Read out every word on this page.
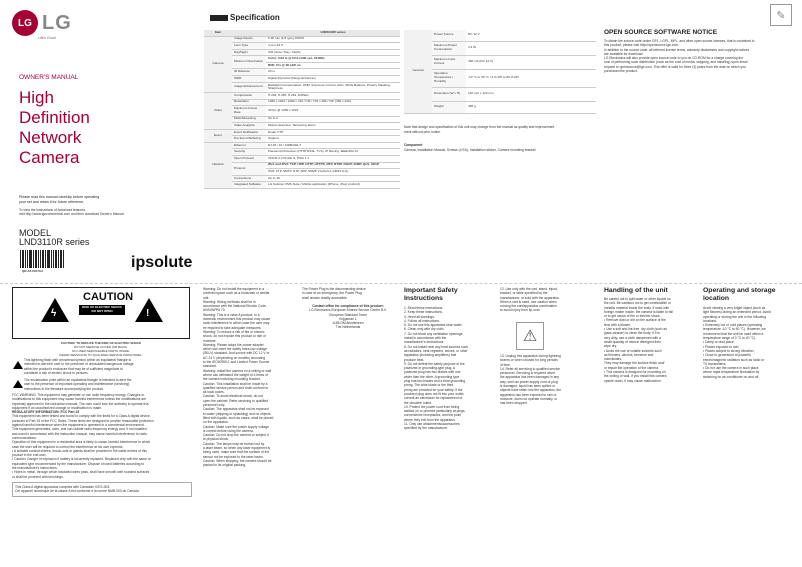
LG LG
Life's Good
OWNER'S MANUAL
High
Definition
Network
Camera
Please read this manual carefully before operating
your set and retain it for future reference.
To view the instructions of Advanced features,
visit http://www.lgecommercial.com and then download Owner's Manual.
MODEL
LND3110R series
QR-A5-06171H	ipsolute
Specification
Item		LND3110R series
Camera	Image Device	6.28 mm (1/3 type) CMOS
	Lens Type	4 mm F2.0
	Day/Night	ICR (Auto / Day / Night)
	Minimum Illumination	Color: 0.03 lx @ F2.0 (1/30 sec, 50 IRE)
		B/W: 0 lx @ IR LED on
	IR Distance	20 m
	WDR	Digital (Dynamic Range Enhancer)
	Image Enhancement	Backlight Compensation, DNR, Exposure Control, AGC, White Balance, Privacy Masking, Sharpness
Video	Compression	H.264, H.265, H.264, MJPEG
	Resolution	1280 x 1024 / 1280 x 720 / CIF / 704 x 480 / CIF (352 x 240)
	Maximum Frame Rate	30 fps @ 1280 x 1024
	Multi-Streaming	Up to 2
	Video Analytics	Motion detection, Tampering alarm
Event	Event Notification	Email, FTP
	Pre Event Buffering	Support
Network	Ethernet	RJ-45 / 10 / 100BASE-T
	Security	Password Protection (HTTPS/SSL, TLS), IP filtering, IEEE 802.1X
	Open Protocol	ONVIF 2.2 Profile S, PSIA 1.1
	Protocol	IPv4 and IPv6: TCP, UDP, HTTP, HTTPS, RTP, RTSP, DHCP, IGMP, QoS, UPnP
		IPv6: FTP, SMTP, NTP, ARP, SNMP v1/v2c/v3, DDNS (LG)
	Connections	Up to 10
	Integrated Software	LG Solution VMS Suite / Mobile application (iPhone, iPad, Android)
General	Power Source	DC 12 V
	Maximum Power Consumption	3.4 W
	Maximum Input Current	450 mA (DC 12 V)
	Operation Temperature / Humidity	-10 °C to 50 °C / 0 % RH to 80 % RH
	Dimension (W x H)	140 mm x 122 mm
	Weight	466 g
Note that design and specification of this unit may change from the manual as quality and improvement
ment without prior notice.
Component
Camera, Installation Manual, Screws (4 EA), Installation sticker, Camera mounting bracket
✎
OPEN SOURCE SOFTWARE NOTICE
To obtain the source code under GPL, LGPL, MPL, and other open source licenses, that is contained in
this product, please visit http://opensource.lge.com.
In addition to the source code, all referred license terms, warranty disclaimers and copyright notices
are available for download.
LG Electronics will also provide open source code to you on CD-ROM for a charge covering the
cost of performing such distribution (such as the cost of media, shipping, and handling) upon email
request to opensource@lge.com. This offer is valid for three (3) years from the date on which you
purchased the product.
ϟ	!
CAUTION
RISK OF ELECTRIC SHOCK
DO NOT OPEN
CAUTION: TO REDUCE THE RISK OF ELECTRIC SHOCK
DO NOT REMOVE COVER (OR BACK).
NO USER-SERVICEABLE PARTS INSIDE.
REFER SERVICING TO QUALIFIED SERVICE PERSONNEL.
This lightning flash with arrowhead symbol within an equilateral triangle is
intended to alert the user to the presence of uninsulated dangerous voltage
within the product's enclosure that may be of sufficient magnitude to
constitute a risk of electric shock to persons.
The exclamation point within an equilateral triangle is intended to alert the
user to the presence of important operating and maintenance (servicing)
instructions in the literature accompanying the product.
FCC WARNING: This equipment may generate or use radio frequency energy. Changes or
modifications to this equipment may cause harmful interference unless the modifications are
expressly approved in the instruction manual. The user could lose the authority to operate this
equipment if an unauthorized change or modification is made.
REGULATORY INFORMATION: FCC Part 15
This equipment has been tested and found to comply with the limits for a Class A digital device,
pursuant to Part 15 of the FCC Rules. These limits are designed to provide reasonable protection
against harmful interference when the equipment is operated in a commercial environment.
This equipment generates, uses, and can radiate radio frequency energy and, if not installed
and used in accordance with the instruction manual, may cause harmful interference to radio
communications.
Operation of this equipment in a residential area is likely to cause harmful interference in which
case the user will be required to correct the interference at his own expense.
• A suitable conduit entries, knock-outs or glands shall be provided in the cable entries of this
product in the end user.
• Caution: Danger of explosion if battery is incorrectly replaced. Replaced only with the same or
equivalent type recommended by the manufacturer. Dispose of used batteries according to
the manufacturer's instructions.
• Holes in metal, through which insulated wires pass, shall have smooth well rounded surfaces
or shall be provided with brushings.
This Class A digital apparatus complies with Canadian ICES-003.
Cet appareil numérique de la classe A est conforme à la norme NMB-003 du Canada.
Warning: Do not install the equipment in a
confined space such as a bookcase or similar
unit.
Warning: Wiring methods shall be in
accordance with the National Electric Code,
ANSI/NFPA 70.
Warning: This is a class A product. In a
domestic environment this product may cause
radio interference in which case the user may
be required to take adequate measures.
Warning: To reduce a risk of fire or electric
shock, do not expose this product to rain or
moisture.
Warning: Please adopt the power adapter
which can meet the safety extra-low voltage
(SELV) standard. And source with DC 12 V or
AC 24 V (depending on models) according
to the IEC60950-1 and Limited Power Source
standard.
Warning: Install the camera on a ceiling or wall
where can withstand the weight of 4 times of
the camera including mounting bracket.
Caution: This installation shall be made by a
qualified service person and shall conform to
all local codes.
Caution: To avoid electrical shock, do not
open the cabinet. Refer servicing to qualified
personnel only.
Caution: The apparatus shall not be exposed
to water (dripping or splashing) and no objects
filled with liquids, such as vases, shall be placed
on the apparatus.
Caution: Make sure the power supply voltage
is correct before using the camera.
Caution: Do not drop the camera or subject it
to physical shock.
Caution: The lamps may be burned out by
a laser beam, so when any laser equipment is
being used, make sure that the surface of the
sensor not be exposed to the laser beam.
Caution: When shipping, the camera should be
packed in its original packing.
The Power Plug is the disconnecting device
in case of an emergency, the Power Plug
shall remain readily accessible.
Contact office for compliance of this product:
LG Electronics European Shared Service Center B.V.
European Standard Team
Krijgsman 1
1186 DM Amstelveen
The Netherlands
Important Safety
Instructions
1. Read these instructions.
2. Keep these instructions.
3. Heed all warnings.
4. Follow all instructions.
5. Do not use this apparatus near water.
6. Clean only with dry cloth.
7. Do not block any ventilation openings.
Install in accordance with the
manufacturer's instructions.
8. Do not install near any heat sources such
as radiators, heat registers, stoves, or other
apparatus (including amplifiers) that
produce heat.
9. Do not defeat the safety purpose of the
polarized or grounding-type plug. A
polarized plug has two blades with one
wider than the other. A grounding type
plug has two blades and a third grounding
prong. The wide blade or the third
prong are provided for your safety. If the
provided plug does not fit into your outlet,
consult an electrician for replacement of
the obsolete outlet.
10. Protect the power cord from being
walked on or pinched particularly at plugs,
convenience receptacles, and the point
where they exit from the apparatus.
11. Only use attachments/accessories
specified by the manufacturer.
12. Use only with the cart, stand, tripod,
bracket, or table specified by the
manufacturer, or sold with the apparatus.
When a cart is used, use caution when
moving the cart/apparatus combination
to avoid injury from tip-over.
⚠
13. Unplug this apparatus during lightning
storms or when unused for long periods
of time.
14. Refer all servicing to qualified service
personnel. Servicing is required when
the apparatus has been damaged in any
way, such as power-supply cord or plug
is damaged, liquid has been spilled or
objects have fallen into the apparatus, the
apparatus has been exposed to rain or
moisture, does not operate normally, or
has been dropped.
Handling of the unit
Be careful not to spill water or other liquids on
the unit. Be cautious not to get combustible or
metallic material inside the body. If used with
foreign matter inside, the camera is liable to fail
or to get cause of fire or electric shock.
• Remove dust or dirt on the surface of the
lens with a blower.
• Use a soft and lint-free, dry cloth (such as
glass cleaner) to clean the body. If it is
very dirty, use a cloth dampened with a
small quantity of neutral detergent then
wipe dry.
• Avoid the use of volatile solvents such
as thinners, alcohol, benzene and
insecticides.
They may damage the surface finish and/
or impair the operation of the camera.
• This camera is designed for mounting on
the ceiling or wall. If you install this camera
upside down, it may cause malfunction.
Operating and storage
location
Avoid viewing a very bright object (such as
light fixtures) during an extended period. Avoid
operating or storing the unit in the following
locations.
• Extremely hot or cold places (operating
temperature -10 °C to 50 °C). However, we
recommend that the unit be used within a
temperature range of 0 °C to 40 °C).
• Damp or dust place.
• Places exposed to rain.
• Places subject to strong vibration.
• Close to generators of powerful
electromagnetic radiation such as radio or
TV transmitters.
• Do not use the camera in such place
where rapid temperature fluctuation by
switching on air conditioner on and off.
